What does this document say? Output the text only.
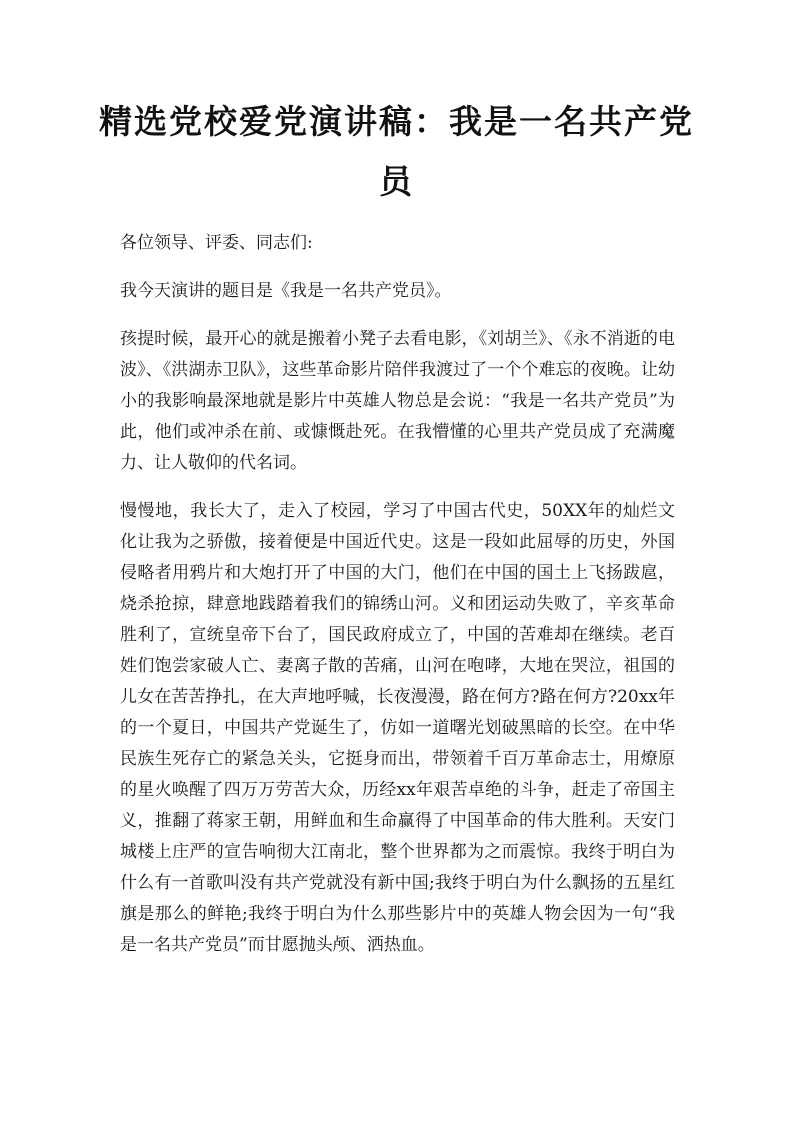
精选党校爱党演讲稿：我是一名共产党员

各位领导、评委、同志们:

我今天演讲的题目是《我是一名共产党员》。

孩提时候，最开心的就是搬着小凳子去看电影，《刘胡兰》、《永不消逝的电波》、《洪湖赤卫队》，这些革命影片陪伴我渡过了一个个难忘的夜晚。让幼小的我影响最深地就是影片中英雄人物总是会说：“我是一名共产党员”为此，他们或冲杀在前、或慷慨赴死。在我懵懂的心里共产党员成了充满魔力、让人敬仰的代名词。

慢慢地，我长大了，走入了校园，学习了中国古代史，50XX年的灿烂文化让我为之骄傲，接着便是中国近代史。这是一段如此屈辱的历史，外国侵略者用鸦片和大炮打开了中国的大门，他们在中国的国土上飞扬跋扈，烧杀抢掠，肆意地践踏着我们的锦绣山河。义和团运动失败了，辛亥革命胜利了，宣统皇帝下台了，国民政府成立了，中国的苦难却在继续。老百姓们饱尝家破人亡、妻离子散的苦痛，山河在咆哮，大地在哭泣，祖国的儿女在苦苦挣扎，在大声地呼喊，长夜漫漫，路在何方?路在何方?20xx年的一个夏日，中国共产党诞生了，仿如一道曙光划破黑暗的长空。在中华民族生死存亡的紧急关头，它挺身而出，带领着千百万革命志士，用燎原的星火唤醒了四万万劳苦大众，历经xx年艰苦卓绝的斗争，赶走了帝国主义，推翻了蒋家王朝，用鲜血和生命赢得了中国革命的伟大胜利。天安门城楼上庄严的宣告响彻大江南北，整个世界都为之而震惊。我终于明白为什么有一首歌叫没有共产党就没有新中国;我终于明白为什么飘扬的五星红旗是那么的鲜艳;我终于明白为什么那些影片中的英雄人物会因为一句“我是一名共产党员”而甘愿抛头颅、洒热血。
